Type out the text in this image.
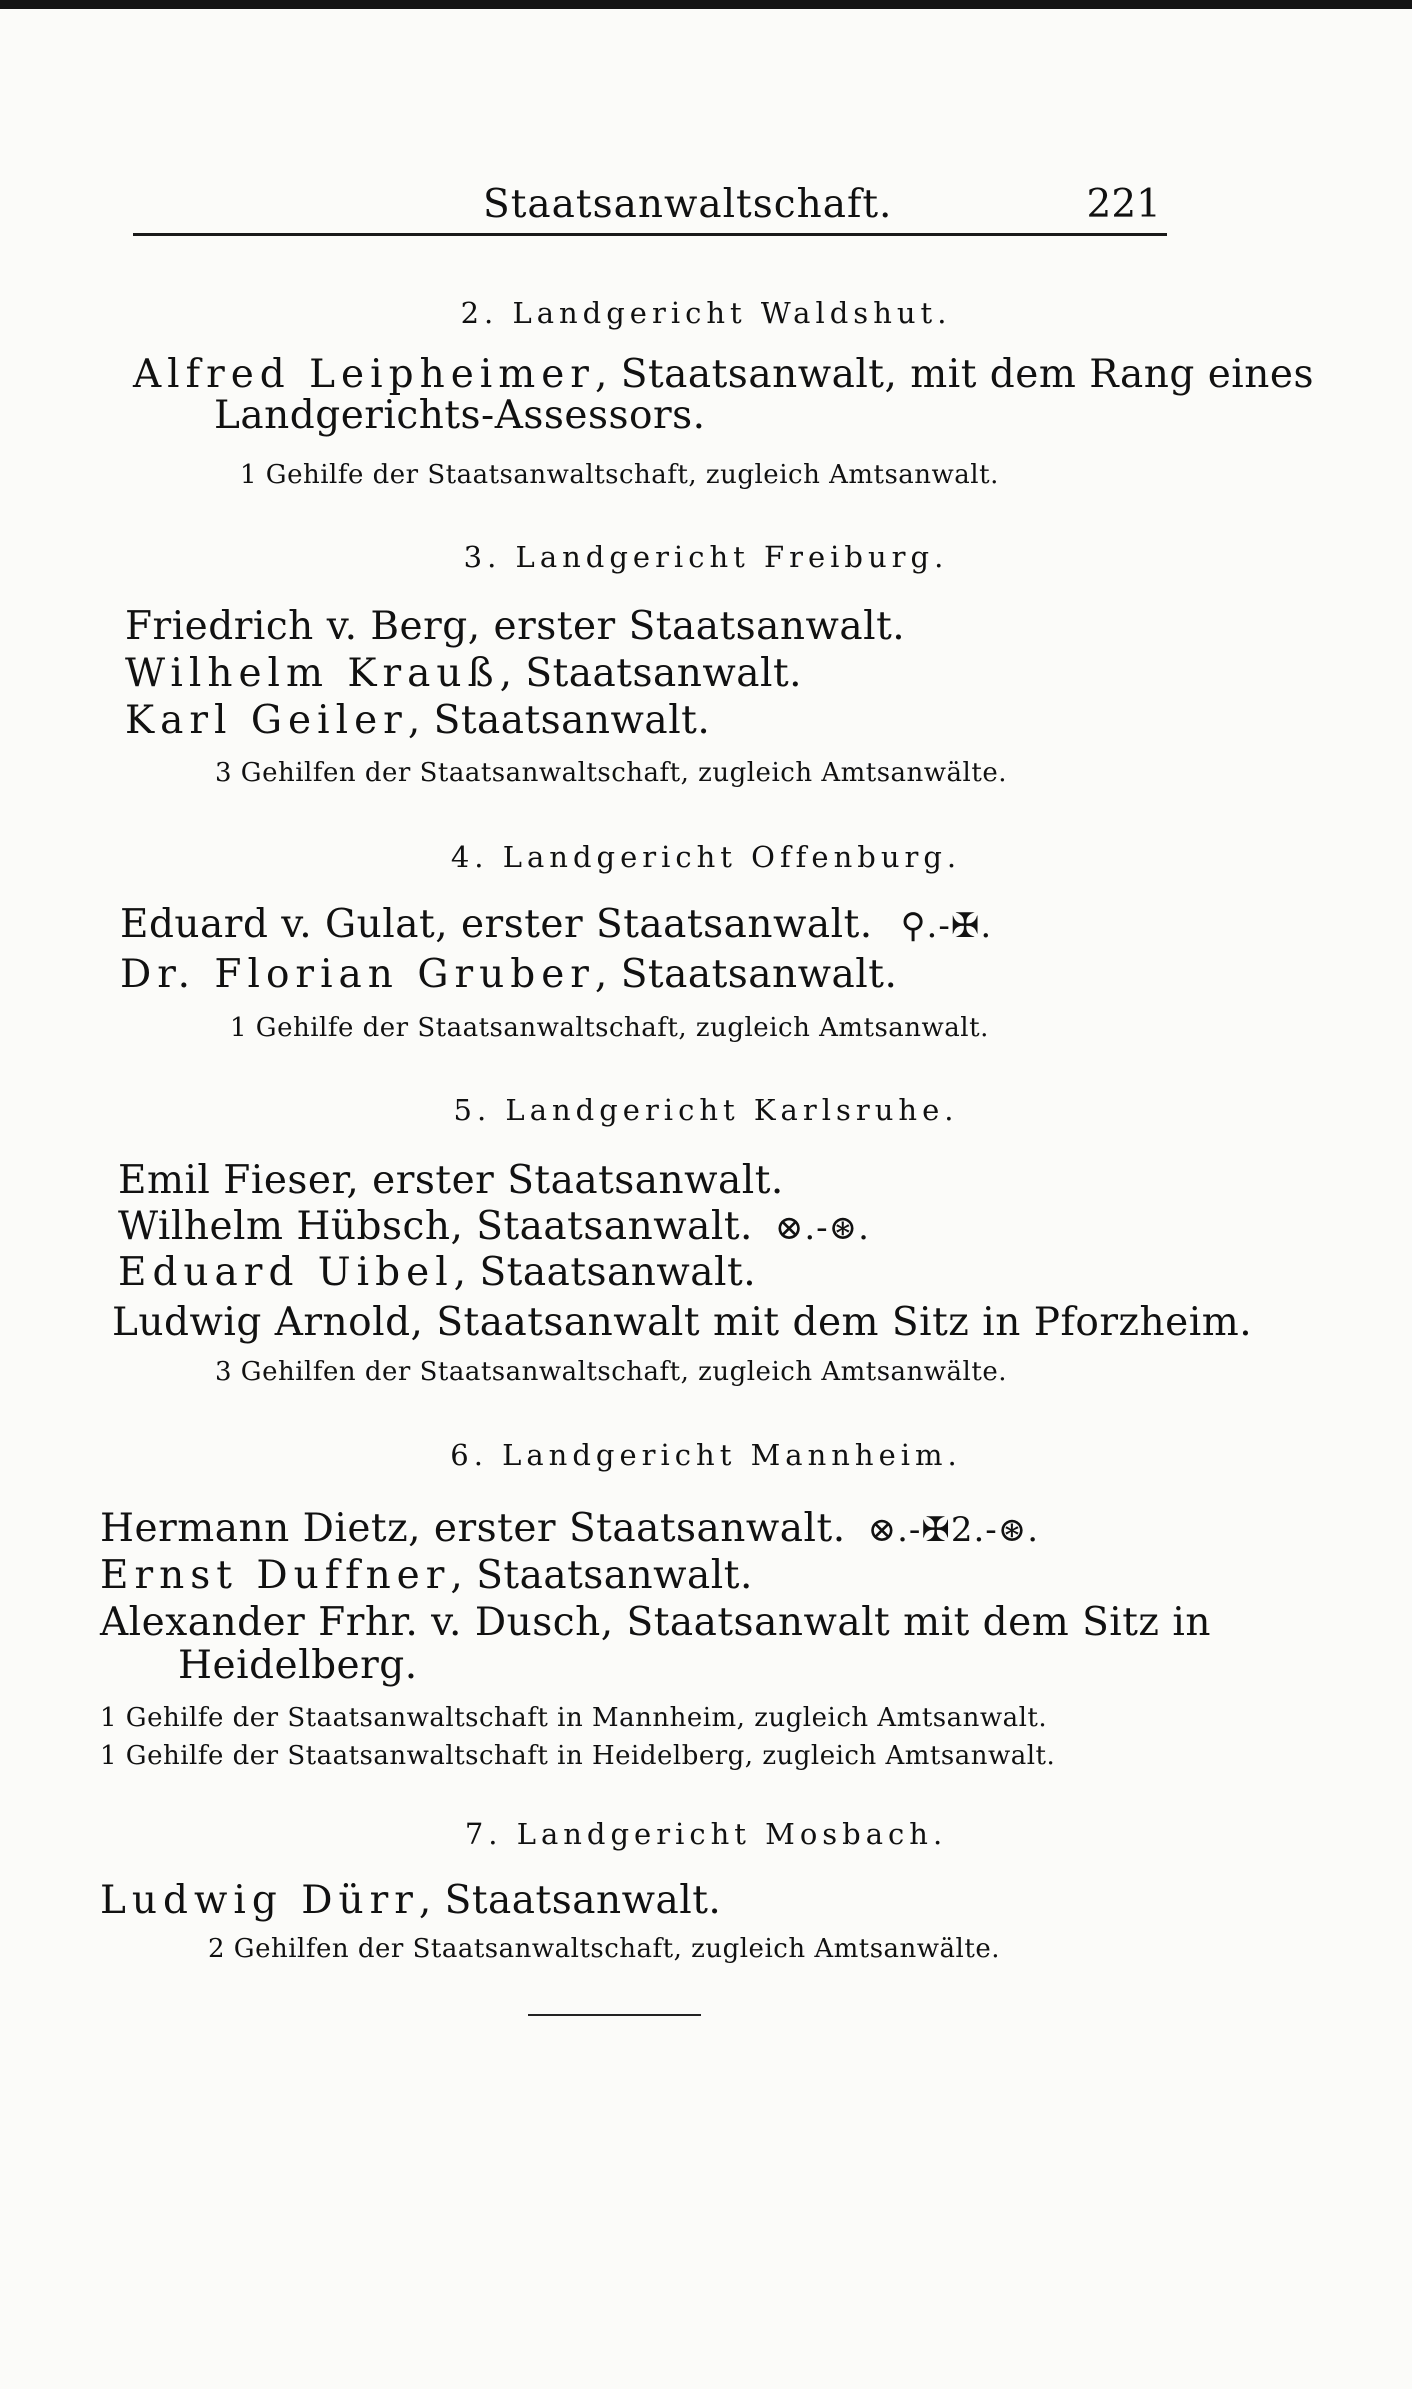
Staatsanwaltschaft.	221
2. Landgericht Waldshut.
Alfred Leipheimer, Staatsanwalt, mit dem Rang eines
Landgerichts-Assessors.
1 Gehilfe der Staatsanwaltschaft, zugleich Amtsanwalt.
3. Landgericht Freiburg.
Friedrich v. Berg, erster Staatsanwalt.
Wilhelm Krauß, Staatsanwalt.
Karl Geiler, Staatsanwalt.
3 Gehilfen der Staatsanwaltschaft, zugleich Amtsanwälte.
4. Landgericht Offenburg.
Eduard v. Gulat, erster Staatsanwalt. ⚲.-✠.
Dr. Florian Gruber, Staatsanwalt.
1 Gehilfe der Staatsanwaltschaft, zugleich Amtsanwalt.
5. Landgericht Karlsruhe.
Emil Fieser, erster Staatsanwalt.
Wilhelm Hübsch, Staatsanwalt. ⊗.-⊛.
Eduard Uibel, Staatsanwalt.
Ludwig Arnold, Staatsanwalt mit dem Sitz in Pforzheim.
3 Gehilfen der Staatsanwaltschaft, zugleich Amtsanwälte.
6. Landgericht Mannheim.
Hermann Dietz, erster Staatsanwalt. ⊗.-✠2.-⊛.
Ernst Duffner, Staatsanwalt.
Alexander Frhr. v. Dusch, Staatsanwalt mit dem Sitz in
Heidelberg.
1 Gehilfe der Staatsanwaltschaft in Mannheim, zugleich Amtsanwalt.
1 Gehilfe der Staatsanwaltschaft in Heidelberg, zugleich Amtsanwalt.
7. Landgericht Mosbach.
Ludwig Dürr, Staatsanwalt.
2 Gehilfen der Staatsanwaltschaft, zugleich Amtsanwälte.
